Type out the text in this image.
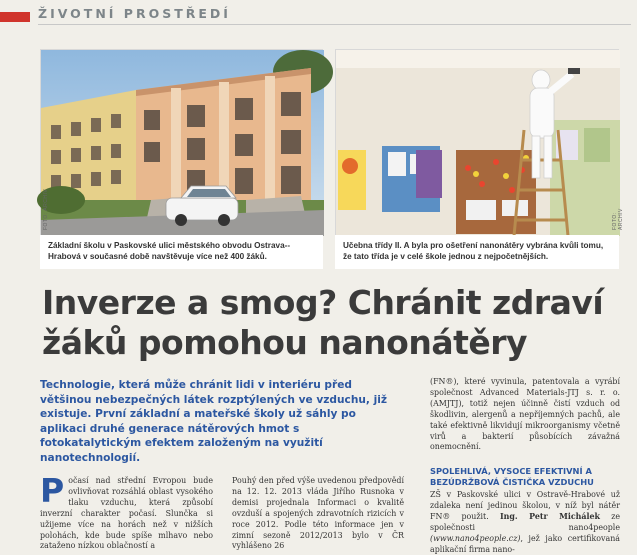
ŽIVOTNÍ PROSTŘEDÍ
FOTO: ARCHIV
Základní školu v Paskovské ulici městského obvodu Ostrava--Hrabová v současné době navštěvuje více než 400 žáků.
FOTO: ARCHIV
Učebna třídy II. A byla pro ošetření nanonátěry vybrána kvůli tomu, že tato třída je v celé škole jednou z nejpočetnějších.
Inverze a smog? Chránit zdraví žáků pomohou nanonátěry

Technologie, která může chránit lidi v interiéru před většinou nebezpečných látek rozptýlených ve vzduchu, již existuje. První základní a mateřské školy už sáhly po aplikaci druhé generace nátěrových hmot s fotokatalytickým efektem založeným na využití nanotechnologií.

Počasí nad střední Evropou bude ovlivňovat rozsáhlá oblast vysokého tlaku vzduchu, která způsobí inverzní charakter počasí. Slunčka si užijeme více na horách než v nižších polohách, kde bude spíše mlhavo nebo zataženo nízkou oblačností a
Pouhý den před výše uvedenou předpovědí na 12. 12. 2013 vláda Jiřího Rusnoka v demisi projednala Informaci o kvalitě ovzduší a spojených zdravotních rizicích v roce 2012. Podle této informace jen v zimní sezoně 2012/2013 bylo v ČR vyhlášeno 26
(FN®), které vyvinula, patentovala a vyrábí společnost Advanced Materials-JTJ s. r. o. (AMJTJ), totiž nejen účinně čistí vzduch od škodlivin, alergenů a nepříjemných pachů, ale také efektivně likvidují mikroorganismy včetně virů a bakterií působících závažná onemocnění.
SPOLEHLIVÁ, VYSOCE EFEKTIVNÍ A BEZÚDRŽBOVÁ ČISTIČKA VZDUCHU
ZŠ v Paskovské ulici v Ostravě-Hrabové už zdaleka není jedinou školou, v níž byl nátěr FN® použit. Ing. Petr Michálek ze společnosti nano4people (www.nano4people.cz), jež jako certifikovaná aplikační firma nano-
